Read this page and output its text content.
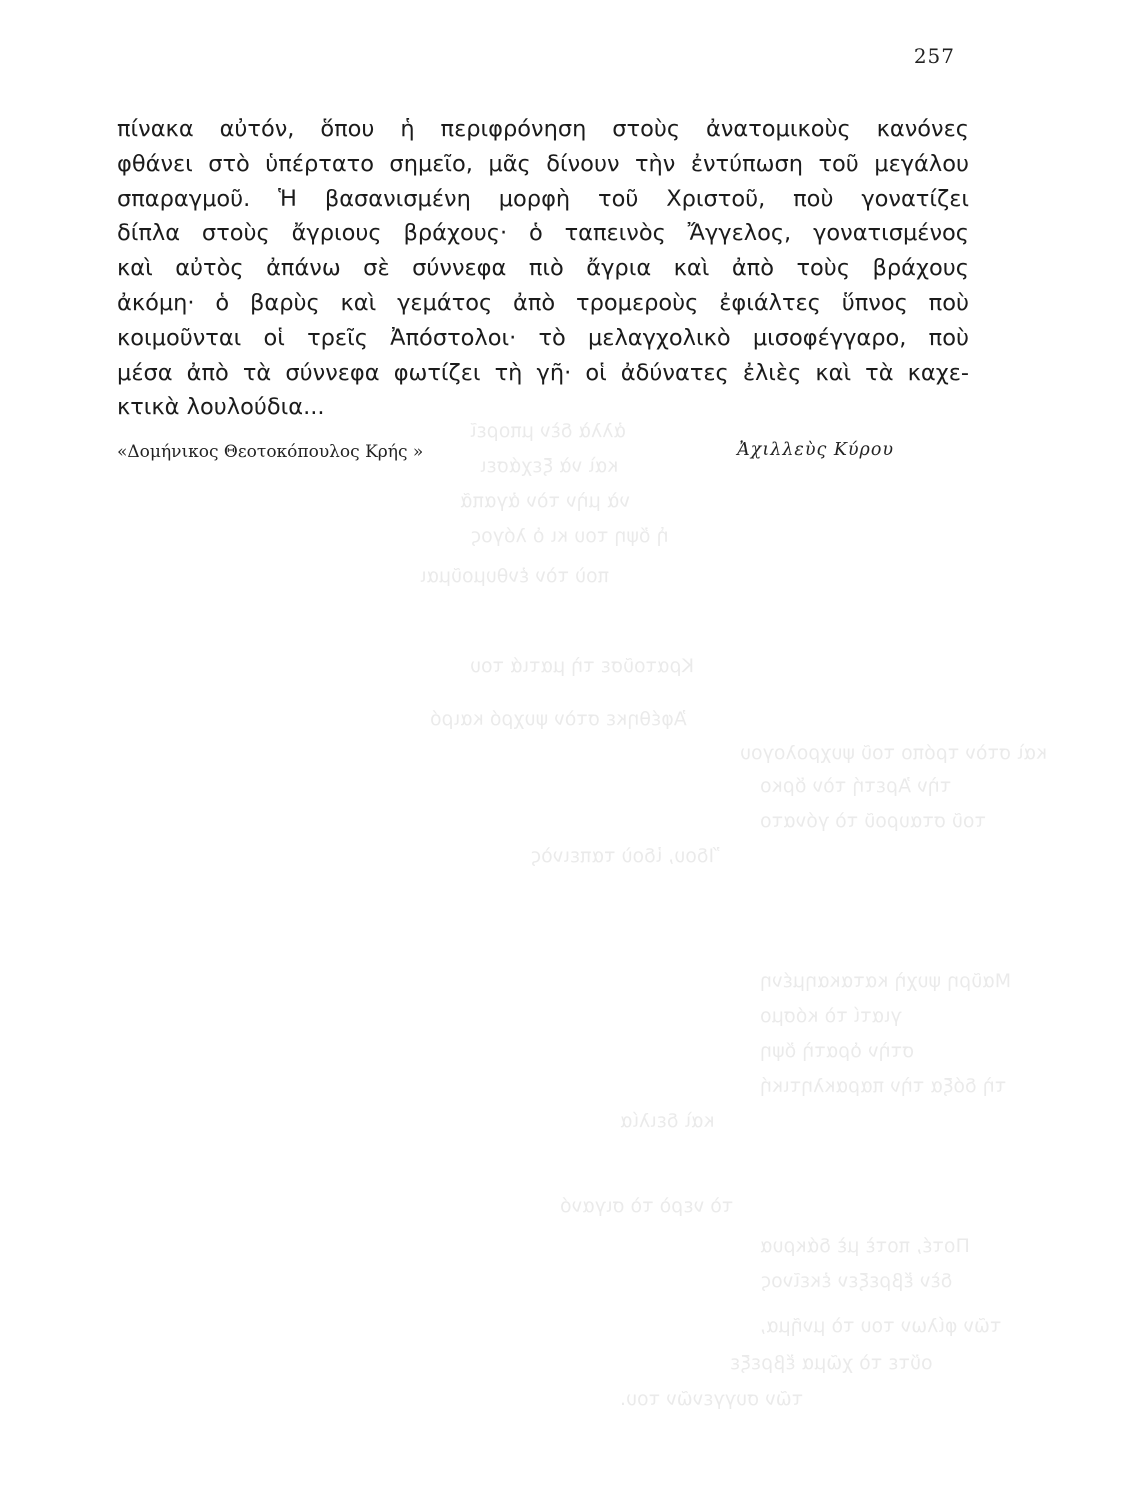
ἀλλὰ δὲν μπορεῖ
καὶ νὰ ξεχάσει
νὰ μὴν τὸν ἀγαπᾶ
ἡ ὄψη του κι ὁ λόγος
ποὺ τὸν ἐνθυμοῦμαι
Κρατοῦσε τὴ ματιά του
Ἀφέθηκε στὸν ψυχρό καιρό
καὶ στὸν τρόπο τοῦ ψυχρολογου
τὴν Ἀρετή τὸν ὅρκο
τοῦ σταυροῦ τὸ γόνατο
Ἴδου, ἰδοὺ ταπεινὸς
Μαῦρη ψυχὴ κατακαημένη
γιατί τὸ κόσμο
στὴν ὁρατὴ ὄψη
τὴ δόξα τὴν παρακλητική
καὶ δειλία
τὸ νερὸ τὸ σιγανό
Ποτέ, ποτὲ μὲ δάκρυα
δὲν ἔβρεξεν ἐκεῖνος
τῶν φίλων του τὸ μνῆμα,
οὔτε τὸ χῶμα ἔβρεξε
τῶν συγγενῶν του.
257
πίνακα αὐτόν, ὅπου ἡ περιφρόνηση στοὺς ἀνατομικοὺς κανόνες
φθάνει στὸ ὑπέρτατο σημεῖο, μᾶς δίνουν τὴν ἐντύπωση τοῦ μεγάλου
σπαραγμοῦ. Ἡ βασανισμένη μορφὴ τοῦ Χριστοῦ, ποὺ γονατίζει
δίπλα στοὺς ἄγριους βράχους· ὁ ταπεινὸς Ἄγγελος, γονατισμένος
καὶ αὐτὸς ἀπάνω σὲ σύννεφα πιὸ ἄγρια καὶ ἀπὸ τοὺς βράχους
ἀκόμη· ὁ βαρὺς καὶ γεμάτος ἀπὸ τρομεροὺς ἐφιάλτες ὕπνος ποὺ
κοιμοῦνται οἱ τρεῖς Ἀπόστολοι· τὸ μελαγχολικὸ μισοφέγγαρο, ποὺ
μέσα ἀπὸ τὰ σύννεφα φωτίζει τὴ γῆ· οἱ ἀδύνατες ἐλιὲς καὶ τὰ καχε-
κτικὰ λουλούδια...
«Δομήνικος Θεοτοκόπουλος Κρής »	Ἀχιλλεὺς Κύρου
